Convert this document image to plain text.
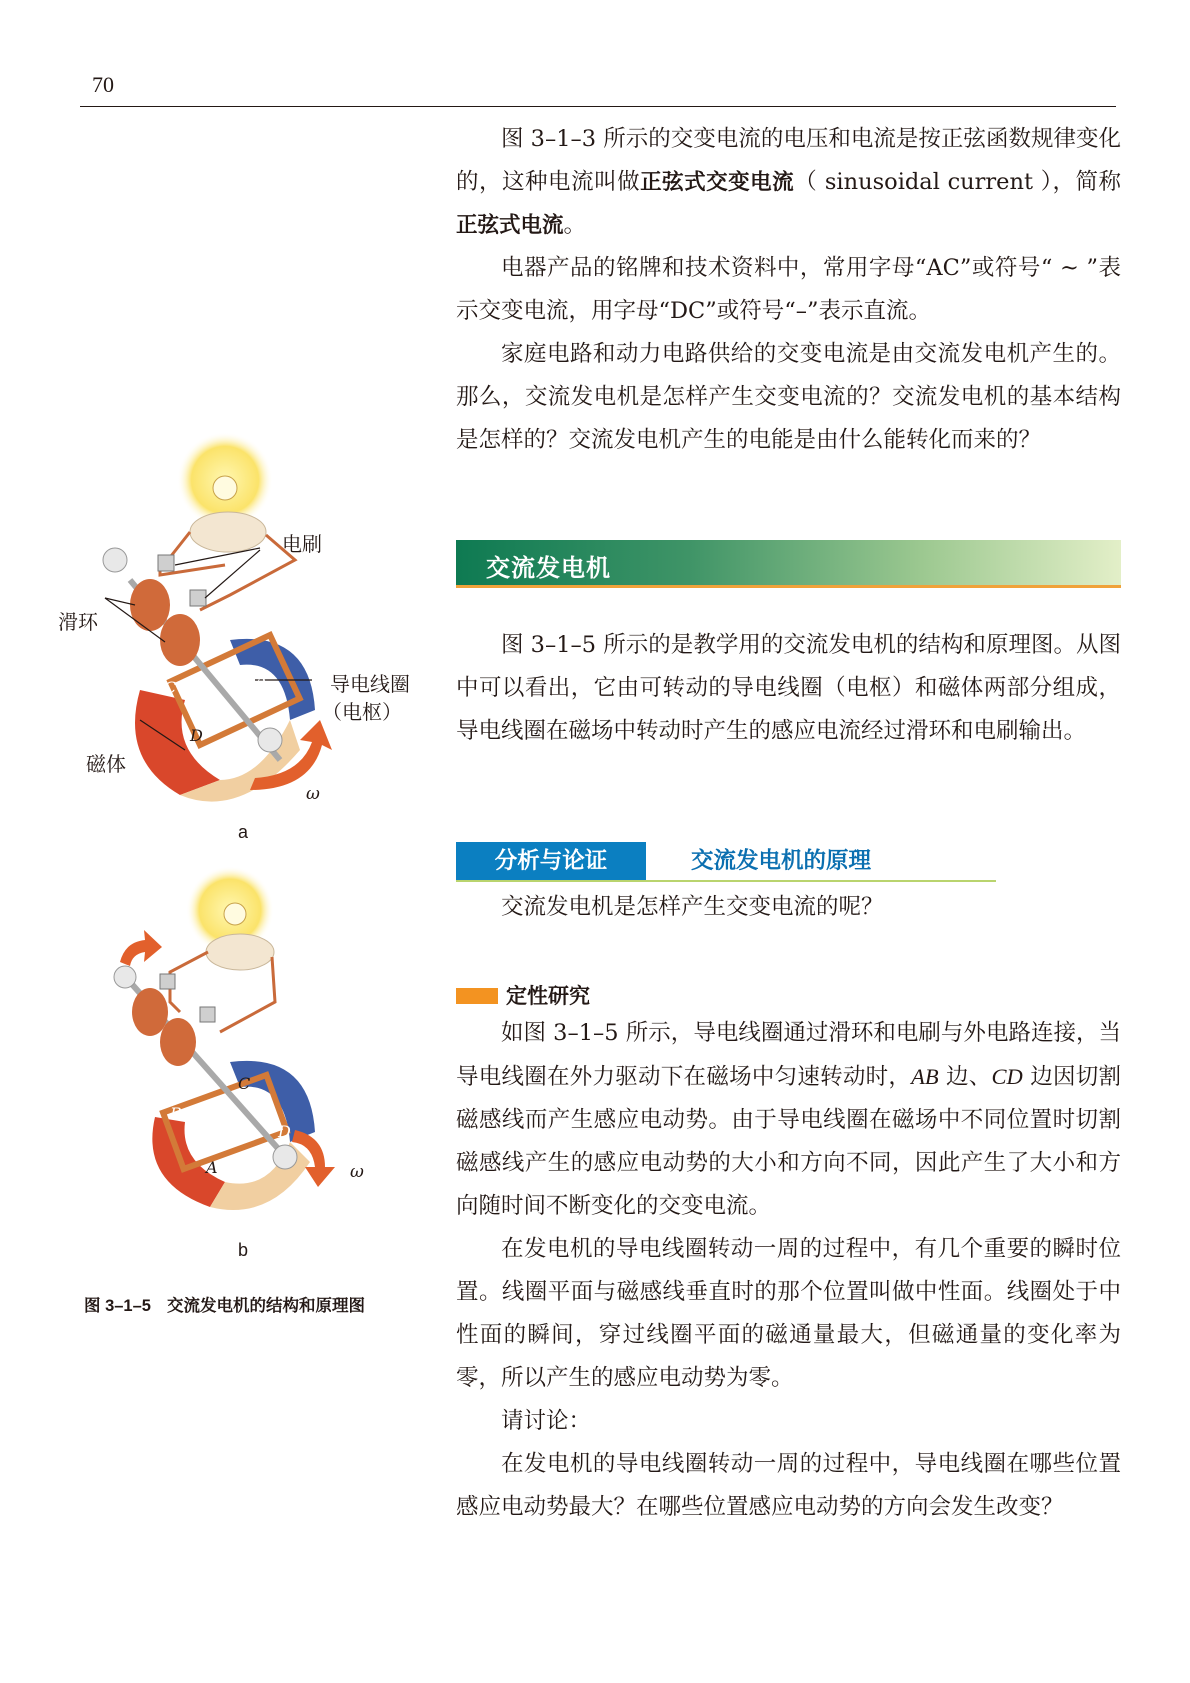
70

图 3–1–3 所示的交变电流的电压和电流是按正弦函数规律变化的，这种电流叫做正弦式交变电流（ sinusoidal current ），简称正弦式电流。

电器产品的铭牌和技术资料中，常用字母“AC”或符号“ ~ ”表示交变电流，用字母“DC”或符号“–”表示直流。

家庭电路和动力电路供给的交变电流是由交流发电机产生的。那么，交流发电机是怎样产生交变电流的？交流发电机的基本结构是怎样的？交流发电机产生的电能是由什么能转化而来的？

交流发电机

图 3–1–5 所示的是教学用的交流发电机的结构和原理图。从图中可以看出，它由可转动的导电线圈（电枢）和磁体两部分组成，导电线圈在磁场中转动时产生的感应电流经过滑环和电刷输出。

分析与论证	交流发电机的原理

交流发电机是怎样产生交变电流的呢？

定性研究

如图 3–1–5 所示，导电线圈通过滑环和电刷与外电路连接，当导电线圈在外力驱动下在磁场中匀速转动时，AB 边、CD 边因切割磁感线而产生感应电动势。由于导电线圈在磁场中不同位置时切割磁感线产生的感应电动势的大小和方向不同，因此产生了大小和方向随时间不断变化的交变电流。

在发电机的导电线圈转动一周的过程中，有几个重要的瞬时位置。线圈平面与磁感线垂直时的那个位置叫做中性面。线圈处于中性面的瞬间，穿过线圈平面的磁通量最大，但磁通量的变化率为零，所以产生的感应电动势为零。

请讨论：

在发电机的导电线圈转动一周的过程中，导电线圈在哪些位置感应电动势最大？在哪些位置感应电动势的方向会发生改变？

电刷
滑环
导电线圈
（电枢）
磁体
B
A
C
D
ω
a
C
B
D
A	ω
b
图 3–1–5 交流发电机的结构和原理图
